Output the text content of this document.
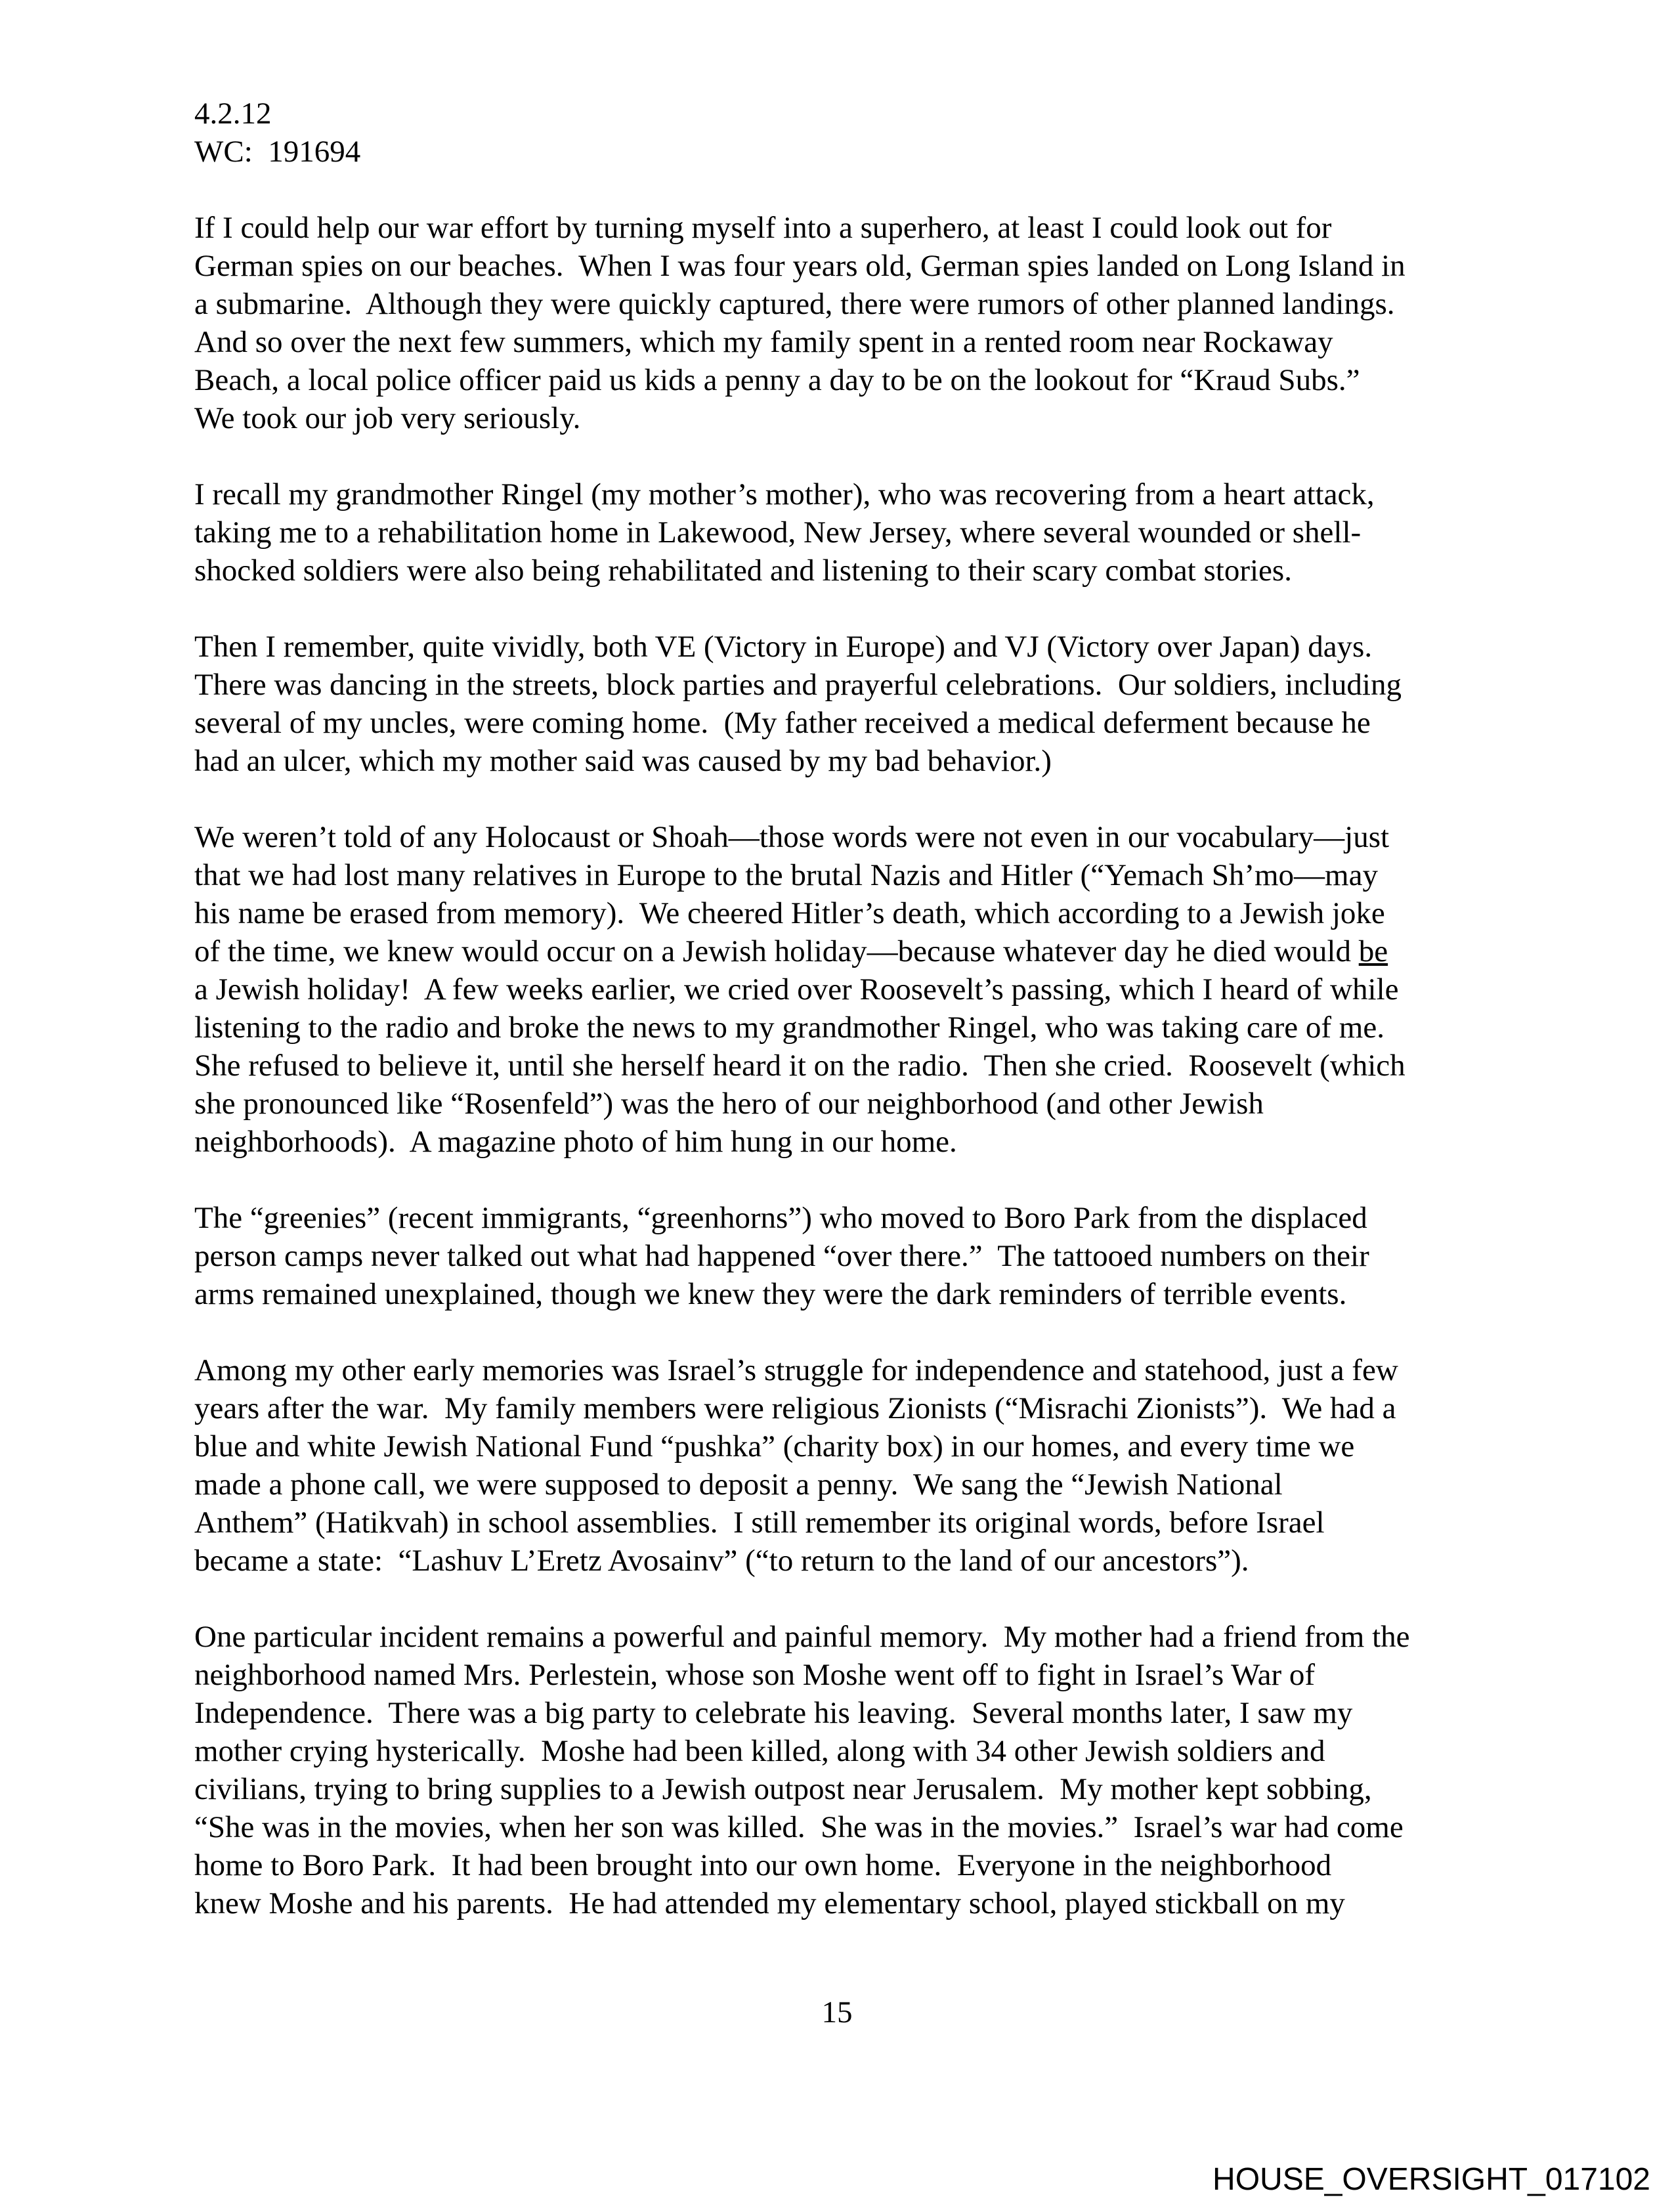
4.2.12
WC:  191694
If I could help our war effort by turning myself into a superhero, at least I could look out for
German spies on our beaches.  When I was four years old, German spies landed on Long Island in
a submarine.  Although they were quickly captured, there were rumors of other planned landings.
And so over the next few summers, which my family spent in a rented room near Rockaway
Beach, a local police officer paid us kids a penny a day to be on the lookout for “Kraud Subs.”
We took our job very seriously.
I recall my grandmother Ringel (my mother’s mother), who was recovering from a heart attack,
taking me to a rehabilitation home in Lakewood, New Jersey, where several wounded or shell-
shocked soldiers were also being rehabilitated and listening to their scary combat stories.
Then I remember, quite vividly, both VE (Victory in Europe) and VJ (Victory over Japan) days.
There was dancing in the streets, block parties and prayerful celebrations.  Our soldiers, including
several of my uncles, were coming home.  (My father received a medical deferment because he
had an ulcer, which my mother said was caused by my bad behavior.)
We weren’t told of any Holocaust or Shoah—those words were not even in our vocabulary—just
that we had lost many relatives in Europe to the brutal Nazis and Hitler (“Yemach Sh’mo—may
his name be erased from memory).  We cheered Hitler’s death, which according to a Jewish joke
of the time, we knew would occur on a Jewish holiday—because whatever day he died would be
a Jewish holiday!  A few weeks earlier, we cried over Roosevelt’s passing, which I heard of while
listening to the radio and broke the news to my grandmother Ringel, who was taking care of me.
She refused to believe it, until she herself heard it on the radio.  Then she cried.  Roosevelt (which
she pronounced like “Rosenfeld”) was the hero of our neighborhood (and other Jewish
neighborhoods).  A magazine photo of him hung in our home.
The “greenies” (recent immigrants, “greenhorns”) who moved to Boro Park from the displaced
person camps never talked out what had happened “over there.”  The tattooed numbers on their
arms remained unexplained, though we knew they were the dark reminders of terrible events.
Among my other early memories was Israel’s struggle for independence and statehood, just a few
years after the war.  My family members were religious Zionists (“Misrachi Zionists”).  We had a
blue and white Jewish National Fund “pushka” (charity box) in our homes, and every time we
made a phone call, we were supposed to deposit a penny.  We sang the “Jewish National
Anthem” (Hatikvah) in school assemblies.  I still remember its original words, before Israel
became a state:  “Lashuv L’Eretz Avosainv” (“to return to the land of our ancestors”).
One particular incident remains a powerful and painful memory.  My mother had a friend from the
neighborhood named Mrs. Perlestein, whose son Moshe went off to fight in Israel’s War of
Independence.  There was a big party to celebrate his leaving.  Several months later, I saw my
mother crying hysterically.  Moshe had been killed, along with 34 other Jewish soldiers and
civilians, trying to bring supplies to a Jewish outpost near Jerusalem.  My mother kept sobbing,
“She was in the movies, when her son was killed.  She was in the movies.”  Israel’s war had come
home to Boro Park.  It had been brought into our own home.  Everyone in the neighborhood
knew Moshe and his parents.  He had attended my elementary school, played stickball on my
15
HOUSE_OVERSIGHT_017102
